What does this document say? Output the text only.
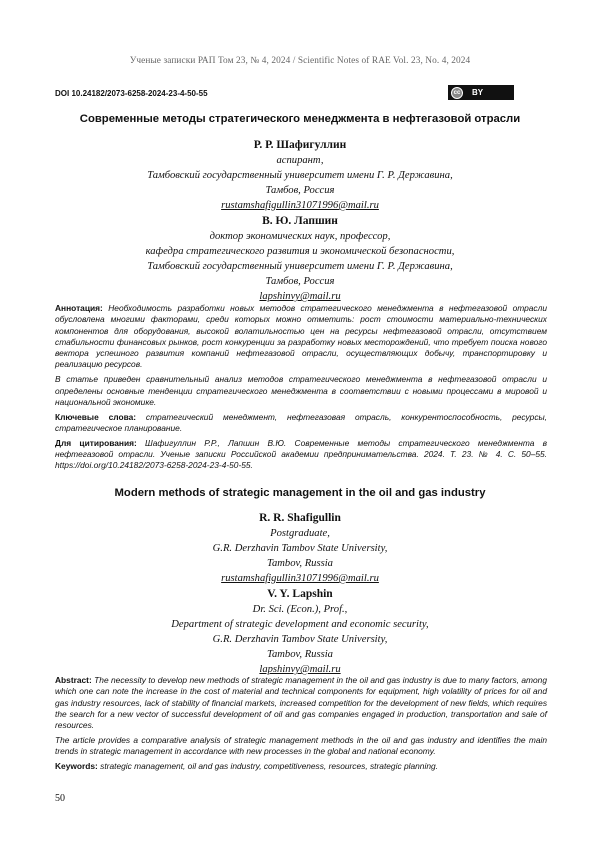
Ученые записки РАП Том 23, № 4, 2024 / Scientific Notes of RAE Vol. 23, No. 4, 2024
DOI 10.24182/2073-6258-2024-23-4-50-55	cc	BY
Современные методы стратегического менеджмента в нефтегазовой отрасли
Р. Р. Шафигуллин
аспирант,
Тамбовский государственный университет имени Г. Р. Державина,
Тамбов, Россия
rustamshafigullin31071996@mail.ru
В. Ю. Лапшин
доктор экономических наук, профессор,
кафедра стратегического развития и экономической безопасности,
Тамбовский государственный университет имени Г. Р. Державина,
Тамбов, Россия
lapshinvy@mail.ru

Аннотация: Необходимость разработки новых методов стратегического менеджмента в нефтегазовой отрасли обусловлена многими факторами, среди которых можно отметить: рост стоимости материально-технических компонентов для оборудования, высокой волатильностью цен на ресурсы нефтегазовой отрасли, отсутствием стабильности финансовых рынков, рост конкуренции за разработку новых месторождений, что требует поиска нового вектора успешного развития компаний нефтегазовой отрасли, осуществляющих добычу, транспортировку и реализацию ресурсов.

В статье приведен сравнительный анализ методов стратегического менеджмента в нефтегазовой отрасли и определены основные тенденции стратегического менеджмента в соответствии с новыми процессами в мировой и национальной экономике.

Ключевые слова: стратегический менеджмент, нефтегазовая отрасль, конкурентоспособность, ресурсы, стратегическое планирование.

Для цитирования: Шафигуллин Р.Р., Лапшин В.Ю. Современные методы стратегического менеджмента в нефтегазовой отрасли. Ученые записки Российской академии предпринимательства. 2024. Т. 23. № 4. С. 50–55. https://doi.org/10.24182/2073-6258-2024-23-4-50-55.

Modern methods of strategic management in the oil and gas industry
R. R. Shafigullin
Postgraduate,
G.R. Derzhavin Tambov State University,
Tambov, Russia
rustamshafigullin31071996@mail.ru
V. Y. Lapshin
Dr. Sci. (Econ.), Prof.,
Department of strategic development and economic security,
G.R. Derzhavin Tambov State University,
Tambov, Russia
lapshinvy@mail.ru

Abstract: The necessity to develop new methods of strategic management in the oil and gas industry is due to many factors, among which one can note the increase in the cost of material and technical components for equipment, high volatility of prices for oil and gas industry resources, lack of stability of financial markets, increased competition for the development of new fields, which requires the search for a new vector of successful development of oil and gas companies engaged in production, transportation and sale of resources.

The article provides a comparative analysis of strategic management methods in the oil and gas industry and identifies the main trends in strategic management in accordance with new processes in the global and national economy.

Keywords: strategic management, oil and gas industry, competitiveness, resources, strategic planning.

50
